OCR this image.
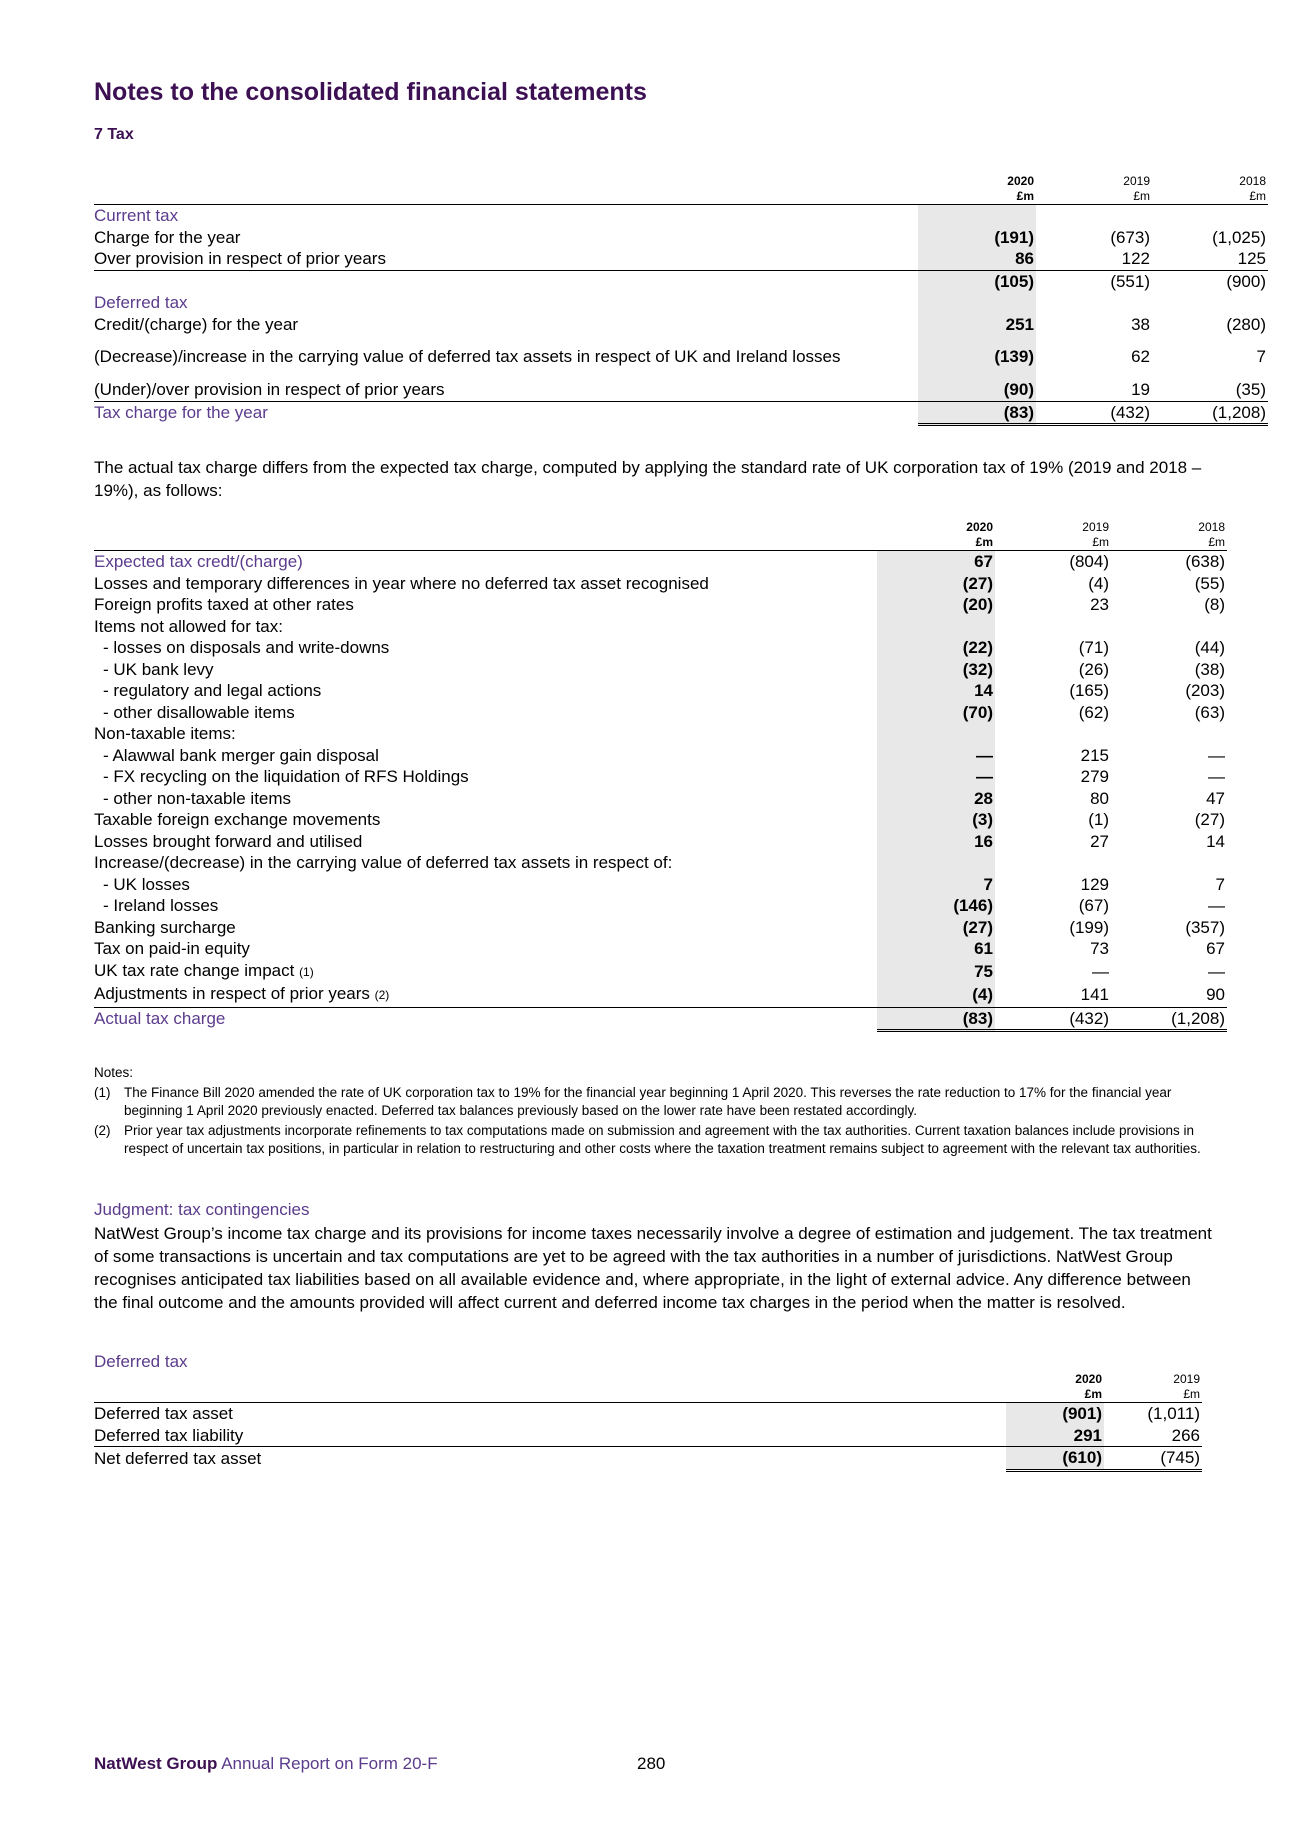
Notes to the consolidated financial statements
7 Tax
	2020	2019	2018
	£m	£m	£m
Current tax			
Charge for the year	(191)	(673)	(1,025)
Over provision in respect of prior years	86	122	125
	(105)	(551)	(900)
Deferred tax			
Credit/(charge) for the year	251	38	(280)
(Decrease)/increase in the carrying value of deferred tax assets in respect of UK and Ireland losses	(139)	62	7
(Under)/over provision in respect of prior years	(90)	19	(35)
Tax charge for the year	(83)	(432)	(1,208)

The actual tax charge differs from the expected tax charge, computed by applying the standard rate of UK corporation tax of 19% (2019 and 2018 – 19%), as follows:

	2020	2019	2018
	£m	£m	£m
Expected tax credt/(charge)	67	(804)	(638)
Losses and temporary differences in year where no deferred tax asset recognised	(27)	(4)	(55)
Foreign profits taxed at other rates	(20)	23	(8)
Items not allowed for tax:			
- losses on disposals and write-downs	(22)	(71)	(44)
- UK bank levy	(32)	(26)	(38)
- regulatory and legal actions	14	(165)	(203)
- other disallowable items	(70)	(62)	(63)
Non-taxable items:			
- Alawwal bank merger gain disposal	—	215	—
- FX recycling on the liquidation of RFS Holdings	—	279	—
- other non-taxable items	28	80	47
Taxable foreign exchange movements	(3)	(1)	(27)
Losses brought forward and utilised	16	27	14
Increase/(decrease) in the carrying value of deferred tax assets in respect of:			
- UK losses	7	129	7
- Ireland losses	(146)	(67)	—
Banking surcharge	(27)	(199)	(357)
Tax on paid-in equity	61	73	67
UK tax rate change impact (1)	75	—	—
Adjustments in respect of prior years (2)	(4)	141	90
Actual tax charge	(83)	(432)	(1,208)

Notes:

(1)	The Finance Bill 2020 amended the rate of UK corporation tax to 19% for the financial year beginning 1 April 2020. This reverses the rate reduction to 17% for the financial year beginning 1 April 2020 previously enacted. Deferred tax balances previously based on the lower rate have been restated accordingly.
(2)	Prior year tax adjustments incorporate refinements to tax computations made on submission and agreement with the tax authorities. Current taxation balances include provisions in respect of uncertain tax positions, in particular in relation to restructuring and other costs where the taxation treatment remains subject to agreement with the relevant tax authorities.
Judgment: tax contingencies

NatWest Group’s income tax charge and its provisions for income taxes necessarily involve a degree of estimation and judgement. The tax treatment of some transactions is uncertain and tax computations are yet to be agreed with the tax authorities in a number of jurisdictions. NatWest Group recognises anticipated tax liabilities based on all available evidence and, where appropriate, in the light of external advice. Any difference between the final outcome and the amounts provided will affect current and deferred income tax charges in the period when the matter is resolved.

Deferred tax
	2020	2019
	£m	£m
Deferred tax asset	(901)	(1,011)
Deferred tax liability	291	266
Net deferred tax asset	(610)	(745)
NatWest Group Annual Report on Form 20-F	280
